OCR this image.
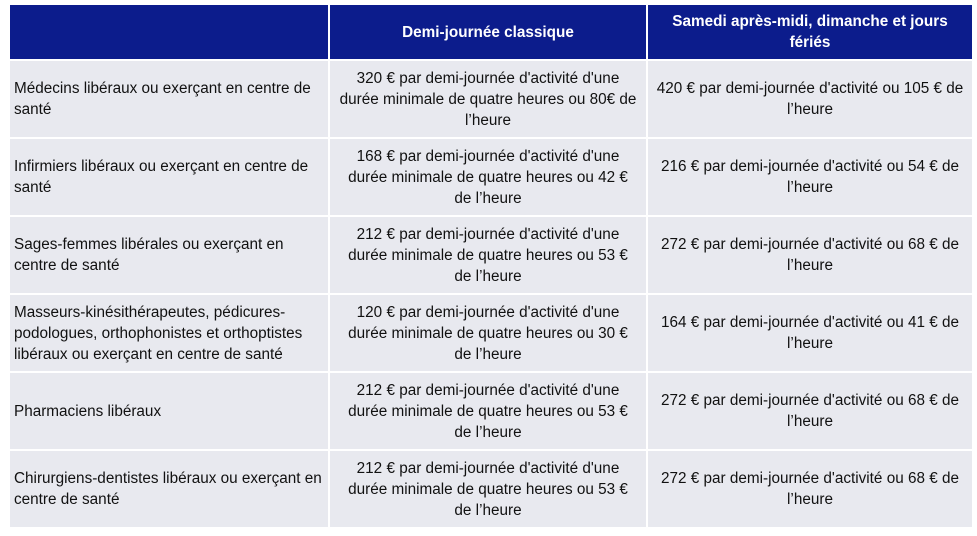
Demi-journée classique
Samedi après-midi, dimanche et jours fériés
Médecins libéraux ou exerçant en centre de santé
320 € par demi-journée d'activité d'une durée minimale de quatre heures ou 80€ de l’heure
420 € par demi-journée d'activité ou 105 € de l’heure
Infirmiers libéraux ou exerçant en centre de santé
168 € par demi-journée d'activité d'une durée minimale de quatre heures ou 42 € de l’heure
216 € par demi-journée d'activité ou 54 € de l’heure
Sages-femmes libérales ou exerçant en centre de santé
212 € par demi-journée d'activité d'une durée minimale de quatre heures ou 53 € de l’heure
272 € par demi-journée d'activité ou 68 € de l’heure
Masseurs-kinésithérapeutes, pédicures-podologues, orthophonistes et orthoptistes libéraux ou exerçant en centre de santé
120 € par demi-journée d'activité d'une durée minimale de quatre heures ou 30 € de l’heure
164 € par demi-journée d'activité ou 41 € de l’heure
Pharmaciens libéraux
212 € par demi-journée d'activité d'une durée minimale de quatre heures ou 53 € de l’heure
272 € par demi-journée d'activité ou 68 € de l’heure
Chirurgiens-dentistes libéraux ou exerçant en centre de santé
212 € par demi-journée d'activité d'une durée minimale de quatre heures ou 53 € de l’heure
272 € par demi-journée d'activité ou 68 € de l’heure
